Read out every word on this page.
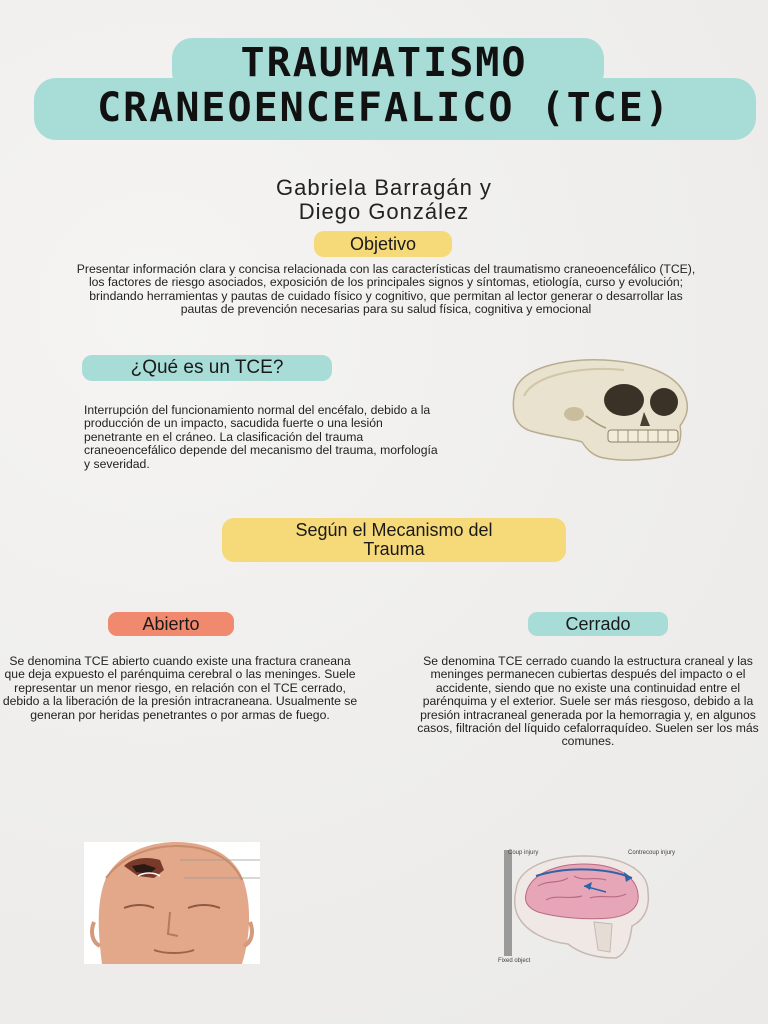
TRAUMATISMO
CRANEOENCEFALICO (TCE)
Gabriela Barragán y
Diego González
Objetivo
Presentar información clara y concisa relacionada con las características del traumatismo craneoencefálico (TCE), los factores de riesgo asociados, exposición de los principales signos y síntomas, etiología, curso y evolución; brindando herramientas y pautas de cuidado físico y cognitivo, que permitan al lector generar o desarrollar las pautas de prevención necesarias para su salud física, cognitiva y emocional
¿Qué es un TCE?
Interrupción del funcionamiento normal del encéfalo, debido a la producción de un impacto, sacudida fuerte o una lesión penetrante en el cráneo. La clasificación del trauma craneoencefálico depende del mecanismo del trauma, morfología y severidad.
Según el Mecanismo del
Trauma
Abierto
Se denomina TCE abierto cuando existe una fractura craneana que deja expuesto el parénquima cerebral o las meninges. Suele representar un menor riesgo, en relación con el TCE cerrado, debido a la liberación de la presión intracraneana. Usualmente se generan por heridas penetrantes o por armas de fuego.
Cerrado
Se denomina TCE cerrado cuando la estructura craneal y las meninges permanecen cubiertas después del impacto o el accidente, siendo que no existe una continuidad entre el parénquima y el exterior. Suele ser más riesgoso, debido a la presión intracraneal generada por la hemorragia y, en algunos casos, filtración del líquido cefalorraquídeo. Suelen ser los más comunes.
Coup injury	Contrecoup injury
Fixed object
